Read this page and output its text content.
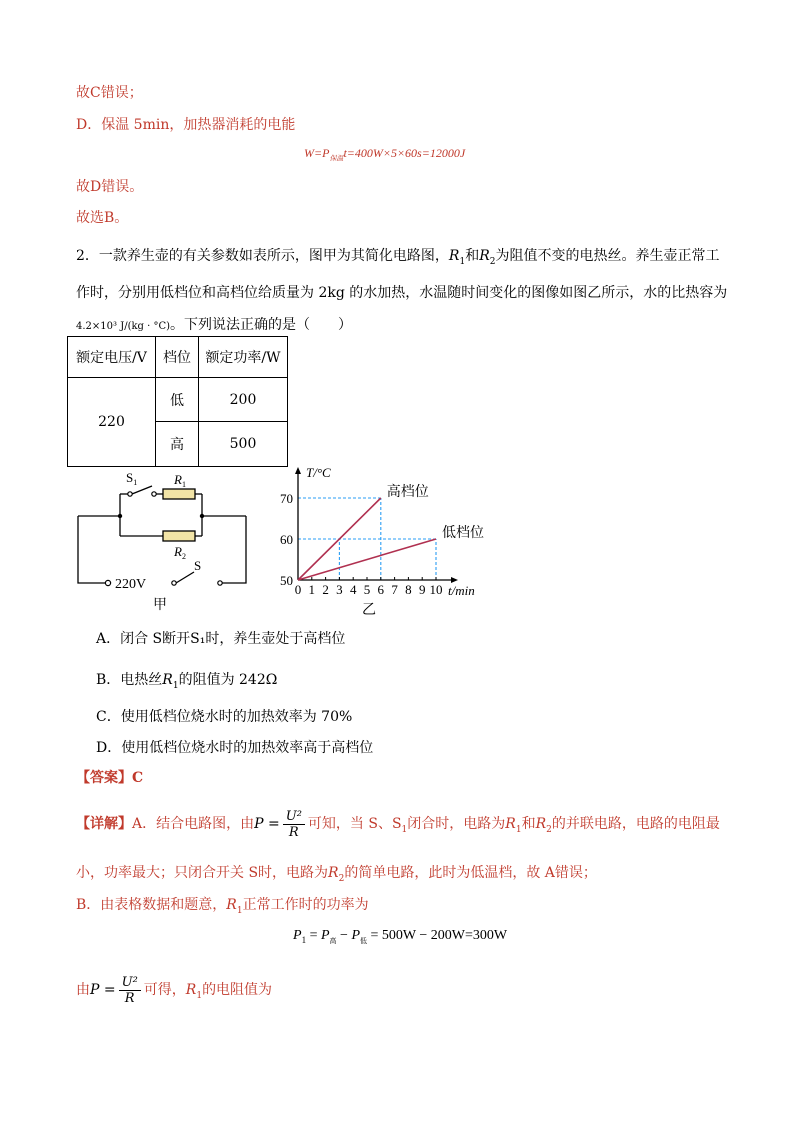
故C错误；
D．保温 5min，加热器消耗的电能
$W=P_{保温}t=400W\times 5\times 60s=12000J$
故D错误。
故选B。
2．一款养生壶的有关参数如表所示，图甲为其简化电路图，$R_1$和$R_2$为阻值不变的电热丝。养生壶正常工
作时，分别用低档位和高档位给质量为 2kg 的水加热，水温随时间变化的图像如图乙所示，水的比热容为
4.2×10³ J/(kg · °C)。下列说法正确的是（　　）
额定电压/V	档位	额定功率/W
220	低	200
	高	500
$S_1$	$R_1$
$R_2$
220V
S
甲
0 1 2 3 4 5 6 7 8 9 10
50
60
70
T/°C
t/min
高档位
低档位
乙
A．闭合 S断开S₁时，养生壶处于高档位
B．电热丝$R_1$的阻值为 242Ω
C．使用低档位烧水时的加热效率为 70%
D．使用低档位烧水时的加热效率高于高档位
【答案】C
【详解】A．结合电路图，由$P = \frac{\text{U²}}{R}$ 可知，当 S、$S_1$闭合时，电路为$R_1$和$R_2$的并联电路，电路的电阻最
小，功率最大；只闭合开关 S时，电路为$R_2$的简单电路，此时为低温档，故 A错误；
B．由表格数据和题意，$R_1$正常工作时的功率为
$P_1 = P_高 - P_低 = 500W - 200W=300W$
由$P = \frac{\text{U²}}{R}$ 可得，$R_1$的电阻值为
